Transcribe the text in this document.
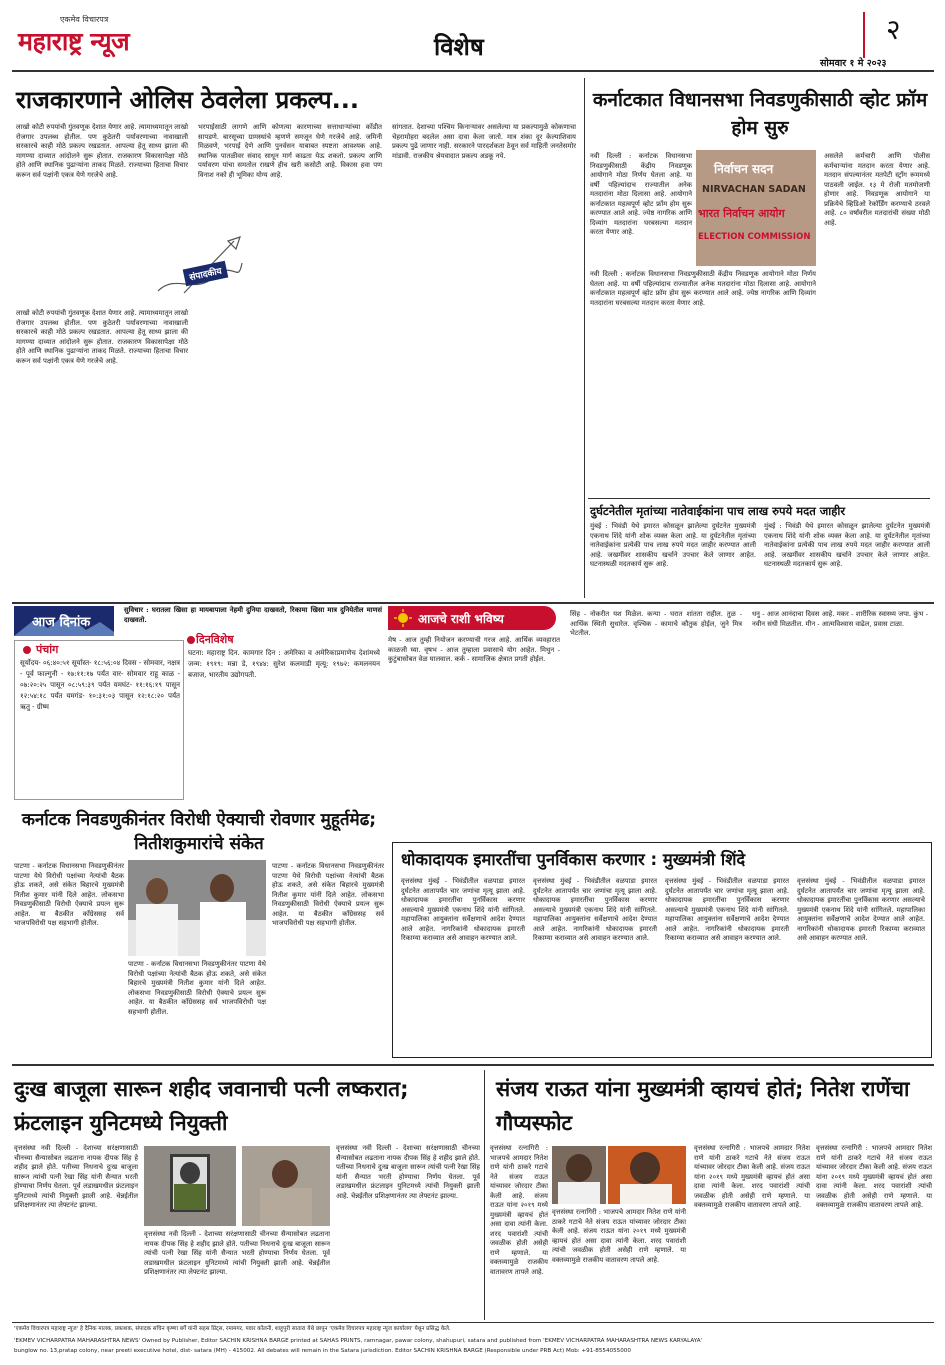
एकमेव विचारपत्र
महाराष्ट्र न्यूज	विशेष
२
सोमवार १ मे २०२३
राजकारणाने ओलिस ठेवलेला प्रकल्प...
लाखो कोटी रुपयांची गुंतवणूक देशात येणार आहे. त्यामाध्यमातून लाखो रोजगार उपलब्ध होतील. पण कुठेतरी पर्यावरणाच्या नावाखाली सरकारचे काही मोठे प्रकल्प रखडतात. आपल्या हेतू साध्य झाला की मागण्या दाव्यात आंदोलने सुरू होतात. राजकारण विकासापेक्षा मोठे होते आणि स्थानिक पुढाऱ्यांना ताकद मिळते. राज्याच्या हिताचा विचार करून सर्व पक्षांनी एकत्र येणे गरजेचे आहे.
संपादकीय
लाखो कोटी रुपयांची गुंतवणूक देशात येणार आहे. त्यामाध्यमातून लाखो रोजगार उपलब्ध होतील. पण कुठेतरी पर्यावरणाच्या नावाखाली सरकारचे काही मोठे प्रकल्प रखडतात. आपल्या हेतू साध्य झाला की मागण्या दाव्यात आंदोलने सुरू होतात. राजकारण विकासापेक्षा मोठे होते आणि स्थानिक पुढाऱ्यांना ताकद मिळते. राज्याच्या हिताचा विचार करून सर्व पक्षांनी एकत्र येणे गरजेचे आहे.
भरपाईसाठी लागणे आणि कोणत्या कारणाच्या सत्ताधाऱ्यांच्या कोंडीत सापडणे. बारसूच्या ग्रामस्थांचे म्हणणे समजून घेणे गरजेचे आहे. जमिनी मिळवणे, भरपाई देणे आणि पुनर्वसन याबाबत स्पष्टता आवश्यक आहे. स्थानिक पातळीवर संवाद साधून मार्ग काढता येऊ शकतो. प्रकल्प आणि पर्यावरण यांचा समतोल राखणे हीच खरी कसोटी आहे. विकास हवा पण विनाश नको ही भूमिका योग्य आहे.
सांगतात. देशाच्या पश्चिम किनाऱ्यावर असलेल्या या प्रकल्पामुळे कोकणाचा चेहरामोहरा बदलेल असा दावा केला जातो. मात्र शंका दूर केल्याशिवाय प्रकल्प पुढे जाणार नाही. सरकारने पारदर्शकता ठेवून सर्व माहिती जनतेसमोर मांडावी. राजकीय श्रेयवादात प्रकल्प अडकू नये.
कर्नाटकात विधानसभा निवडणुकीसाठी व्होट फ्रॉम होम सुरु
नवी दिल्ली : कर्नाटक विधानसभा निवडणुकीसाठी केंद्रीय निवडणूक आयोगाने मोठा निर्णय घेतला आहे. या वर्षी पहिल्यांदाच राज्यातील अनेक मतदारांना मोठा दिलासा आहे. आयोगाने कर्नाटकात महत्वपूर्ण व्होट फ्रॉम होम सुरू करण्यात आले आहे. ज्येष्ठ नागरिक आणि दिव्यांग मतदारांना घरबसल्या मतदान करता येणार आहे.
निर्वाचन सदन
NIRVACHAN SADAN
भारत निर्वाचन आयोग
ELECTION COMMISSION
नवी दिल्ली : कर्नाटक विधानसभा निवडणुकीसाठी केंद्रीय निवडणूक आयोगाने मोठा निर्णय घेतला आहे. या वर्षी पहिल्यांदाच राज्यातील अनेक मतदारांना मोठा दिलासा आहे. आयोगाने कर्नाटकात महत्वपूर्ण व्होट फ्रॉम होम सुरू करण्यात आले आहे. ज्येष्ठ नागरिक आणि दिव्यांग मतदारांना घरबसल्या मतदान करता येणार आहे.
असलेले कर्मचारी आणि पोलीस कर्मचाऱ्यांना मतदान करता येणार आहे. मतदान संपल्यानंतर मतपेटी स्ट्राँग रूममध्ये पाठवली जाईल. १३ मे रोजी मतमोजणी होणार आहे. निवडणूक आयोगाने या प्रक्रियेचे व्हिडिओ रेकॉर्डिंग करण्याचे ठरवले आहे. ८० वर्षांवरील मतदारांची संख्या मोठी आहे.
दुर्घटनेतील मृतांच्या नातेवाईकांना पाच लाख रुपये मदत जाहीर
मुंबई : भिवंडी येथे इमारत कोसळून झालेल्या दुर्घटनेत मुख्यमंत्री एकनाथ शिंदे यांनी शोक व्यक्त केला आहे. या दुर्घटनेतील मृतांच्या नातेवाईकांना प्रत्येकी पाच लाख रुपये मदत जाहीर करण्यात आली आहे. जखमींवर शासकीय खर्चाने उपचार केले जाणार आहेत. घटनास्थळी मदतकार्य सुरू आहे.
मुंबई : भिवंडी येथे इमारत कोसळून झालेल्या दुर्घटनेत मुख्यमंत्री एकनाथ शिंदे यांनी शोक व्यक्त केला आहे. या दुर्घटनेतील मृतांच्या नातेवाईकांना प्रत्येकी पाच लाख रुपये मदत जाहीर करण्यात आली आहे. जखमींवर शासकीय खर्चाने उपचार केले जाणार आहेत. घटनास्थळी मदतकार्य सुरू आहे.
सुविचार : घरातला खिसा हा मायबापाला नेहमी दुनिया दाखवतो, रिकामा खिसा मात्र दुनियेतील माणसं दाखवतो.
आज दिनांक
पंचांग
सूर्योदय- ०६:४०:५१ सूर्यास्त- १८:५६:०४ दिवस - सोमवार, नक्षत्र - पूर्व फाल्गुनी - १७:११:१७ पर्यंत वार- सोमवार राहू काळ - ०७:२०:२५ पासून ०८:५९:३९ पर्यंत यमघंट- ११:१६:१९ पासून १२:५४:१८ पर्यंत यमगंड- १०:३१:०३ पासून १२:१८:२० पर्यंत ऋतु - ग्रीष्म
दिनविशेष
घटना: महाराष्ट्र दिन. कामगार दिन : अमेरिका व अमेरिकाप्रमाणेच देशांमध्ये जन्म: १९१९: मन्ना डे, १९४४: सुरेश कलमाडी मृत्यू: १९७२: कमलनयन बजाज, भारतीय उद्योगपती.
आजचे राशी भविष्य
मेष - आज तुम्ही नियोजन करण्याची गरज आहे. आर्थिक व्यवहारात काळजी घ्या. वृषभ - आज तुम्हाला प्रवासाचे योग आहेत. मिथुन - कुटुंबासोबत वेळ घालवाल. कर्क - सामाजिक क्षेत्रात प्रगती होईल.
सिंह - नोकरीत यश मिळेल. कन्या - घरात शांतता राहील. तुळ - आर्थिक स्थिती सुधारेल. वृश्चिक - कामाचे कौतुक होईल, जुने मित्र भेटतील.
धनु - आज आनंदाचा दिवस आहे. मकर - शारीरिक स्वास्थ्य जपा. कुंभ - नवीन संधी मिळतील. मीन - आत्मविश्वास वाढेल, प्रवास टाळा.
कर्नाटक निवडणुकीनंतर विरोधी ऐक्याची रोवणार मुहूर्तमेढ; नितीशकुमारांचे संकेत
पाटणा - कर्नाटक विधानसभा निवडणुकीनंतर पाटणा येथे विरोधी पक्षांच्या नेत्यांची बैठक होऊ शकते, असे संकेत बिहारचे मुख्यमंत्री नितीश कुमार यांनी दिले आहेत. लोकसभा निवडणुकीसाठी विरोधी ऐक्याचे प्रयत्न सुरू आहेत. या बैठकीत काँग्रेससह सर्व भाजपविरोधी पक्ष सहभागी होतील.
पाटणा - कर्नाटक विधानसभा निवडणुकीनंतर पाटणा येथे विरोधी पक्षांच्या नेत्यांची बैठक होऊ शकते, असे संकेत बिहारचे मुख्यमंत्री नितीश कुमार यांनी दिले आहेत. लोकसभा निवडणुकीसाठी विरोधी ऐक्याचे प्रयत्न सुरू आहेत. या बैठकीत काँग्रेससह सर्व भाजपविरोधी पक्ष सहभागी होतील.
पाटणा - कर्नाटक विधानसभा निवडणुकीनंतर पाटणा येथे विरोधी पक्षांच्या नेत्यांची बैठक होऊ शकते, असे संकेत बिहारचे मुख्यमंत्री नितीश कुमार यांनी दिले आहेत. लोकसभा निवडणुकीसाठी विरोधी ऐक्याचे प्रयत्न सुरू आहेत. या बैठकीत काँग्रेससह सर्व भाजपविरोधी पक्ष सहभागी होतील.
धोकादायक इमारतींचा पुनर्विकास करणार : मुख्यमंत्री शिंदे
वृत्तसंस्था मुंबई - भिवंडीतील वळपाडा इमारत दुर्घटनेत आतापर्यंत चार जणांचा मृत्यू झाला आहे. धोकादायक इमारतींचा पुनर्विकास करणार असल्याचे मुख्यमंत्री एकनाथ शिंदे यांनी सांगितले. महापालिका आयुक्तांना सर्वेक्षणाचे आदेश देण्यात आले आहेत. नागरिकांनी धोकादायक इमारती रिकाम्या कराव्यात असे आवाहन करण्यात आले.
वृत्तसंस्था मुंबई - भिवंडीतील वळपाडा इमारत दुर्घटनेत आतापर्यंत चार जणांचा मृत्यू झाला आहे. धोकादायक इमारतींचा पुनर्विकास करणार असल्याचे मुख्यमंत्री एकनाथ शिंदे यांनी सांगितले. महापालिका आयुक्तांना सर्वेक्षणाचे आदेश देण्यात आले आहेत. नागरिकांनी धोकादायक इमारती रिकाम्या कराव्यात असे आवाहन करण्यात आले.
वृत्तसंस्था मुंबई - भिवंडीतील वळपाडा इमारत दुर्घटनेत आतापर्यंत चार जणांचा मृत्यू झाला आहे. धोकादायक इमारतींचा पुनर्विकास करणार असल्याचे मुख्यमंत्री एकनाथ शिंदे यांनी सांगितले. महापालिका आयुक्तांना सर्वेक्षणाचे आदेश देण्यात आले आहेत. नागरिकांनी धोकादायक इमारती रिकाम्या कराव्यात असे आवाहन करण्यात आले.
वृत्तसंस्था मुंबई - भिवंडीतील वळपाडा इमारत दुर्घटनेत आतापर्यंत चार जणांचा मृत्यू झाला आहे. धोकादायक इमारतींचा पुनर्विकास करणार असल्याचे मुख्यमंत्री एकनाथ शिंदे यांनी सांगितले. महापालिका आयुक्तांना सर्वेक्षणाचे आदेश देण्यात आले आहेत. नागरिकांनी धोकादायक इमारती रिकाम्या कराव्यात असे आवाहन करण्यात आले.
दुःख बाजूला सारून शहीद जवानाची पत्नी लष्करात; फ्रंटलाइन युनिटमध्ये नियुक्ती
वृत्तसंस्था नवी दिल्ली - देशाच्या सरंक्षणासाठी चीनच्या सैन्यासोबत लढताना नायक दीपक सिंह हे शहीद झाले होते. पतीच्या निधनाचे दुःख बाजूला सारून त्यांची पत्नी रेखा सिंह यांनी सैन्यात भरती होण्याचा निर्णय घेतला. पूर्व लडाखमधील फ्रंटलाइन युनिटमध्ये त्यांची नियुक्ती झाली आहे. चेन्नईतील प्रशिक्षणानंतर त्या लेफ्टनंट झाल्या.
वृत्तसंस्था नवी दिल्ली - देशाच्या सरंक्षणासाठी चीनच्या सैन्यासोबत लढताना नायक दीपक सिंह हे शहीद झाले होते. पतीच्या निधनाचे दुःख बाजूला सारून त्यांची पत्नी रेखा सिंह यांनी सैन्यात भरती होण्याचा निर्णय घेतला. पूर्व लडाखमधील फ्रंटलाइन युनिटमध्ये त्यांची नियुक्ती झाली आहे. चेन्नईतील प्रशिक्षणानंतर त्या लेफ्टनंट झाल्या.
वृत्तसंस्था नवी दिल्ली - देशाच्या सरंक्षणासाठी चीनच्या सैन्यासोबत लढताना नायक दीपक सिंह हे शहीद झाले होते. पतीच्या निधनाचे दुःख बाजूला सारून त्यांची पत्नी रेखा सिंह यांनी सैन्यात भरती होण्याचा निर्णय घेतला. पूर्व लडाखमधील फ्रंटलाइन युनिटमध्ये त्यांची नियुक्ती झाली आहे. चेन्नईतील प्रशिक्षणानंतर त्या लेफ्टनंट झाल्या.
संजय राऊत यांना मुख्यमंत्री व्हायचं होतं; नितेश राणेंचा गौप्यस्फोट
वृत्तसंस्था रत्नागिरी : भाजपचे आमदार नितेश राणे यांनी ठाकरे गटाचे नेते संजय राऊत यांच्यावर जोरदार टीका केली आहे. संजय राऊत यांना २०१९ मध्ये मुख्यमंत्री व्हायचं होतं असा दावा त्यांनी केला. शरद पवारांशी त्यांची जवळीक होती असेही राणे म्हणाले. या वक्तव्यामुळे राजकीय वातावरण तापले आहे.
वृत्तसंस्था रत्नागिरी : भाजपचे आमदार नितेश राणे यांनी ठाकरे गटाचे नेते संजय राऊत यांच्यावर जोरदार टीका केली आहे. संजय राऊत यांना २०१९ मध्ये मुख्यमंत्री व्हायचं होतं असा दावा त्यांनी केला. शरद पवारांशी त्यांची जवळीक होती असेही राणे म्हणाले. या वक्तव्यामुळे राजकीय वातावरण तापले आहे.
वृत्तसंस्था रत्नागिरी : भाजपचे आमदार नितेश राणे यांनी ठाकरे गटाचे नेते संजय राऊत यांच्यावर जोरदार टीका केली आहे. संजय राऊत यांना २०१९ मध्ये मुख्यमंत्री व्हायचं होतं असा दावा त्यांनी केला. शरद पवारांशी त्यांची जवळीक होती असेही राणे म्हणाले. या वक्तव्यामुळे राजकीय वातावरण तापले आहे.
वृत्तसंस्था रत्नागिरी : भाजपचे आमदार नितेश राणे यांनी ठाकरे गटाचे नेते संजय राऊत यांच्यावर जोरदार टीका केली आहे. संजय राऊत यांना २०१९ मध्ये मुख्यमंत्री व्हायचं होतं असा दावा त्यांनी केला. शरद पवारांशी त्यांची जवळीक होती असेही राणे म्हणाले. या वक्तव्यामुळे राजकीय वातावरण तापले आहे.
'एकमेव विचारपत्र महाराष्ट्र न्यूज' हे दैनिक मालक, प्रकाशक, संपादक सचिन कृष्णा बर्गे यांनी सहस प्रिंट्स, रमामगर, पवार कॉलनी, शाहूपुरी सातारा येथे छापून 'एकमेव विचारपत्र महाराष्ट्र न्यूज कार्यालय' येथून प्रसिद्ध केले.
'EKMEV VICHARPATRA MAHARASHTRA NEWS' Owned by Publisher, Editor SACHIN KRISHNA BARGE printed at SAHAS PRINTS, ramnagar, pawar colony, shahupuri, satara and published from 'EKMEV VICHARPATRA MAHARASHTRA NEWS KARYALAYA'
bunglow no. 13,pratap colony, near preeti executive hotel, dist- satara (MH) - 415002. All debates will remain in the Satara jurisdiction. Editor SACHIN KRISHNA BARGE (Responsible under PRB Act) Mob: +91-8554055000
